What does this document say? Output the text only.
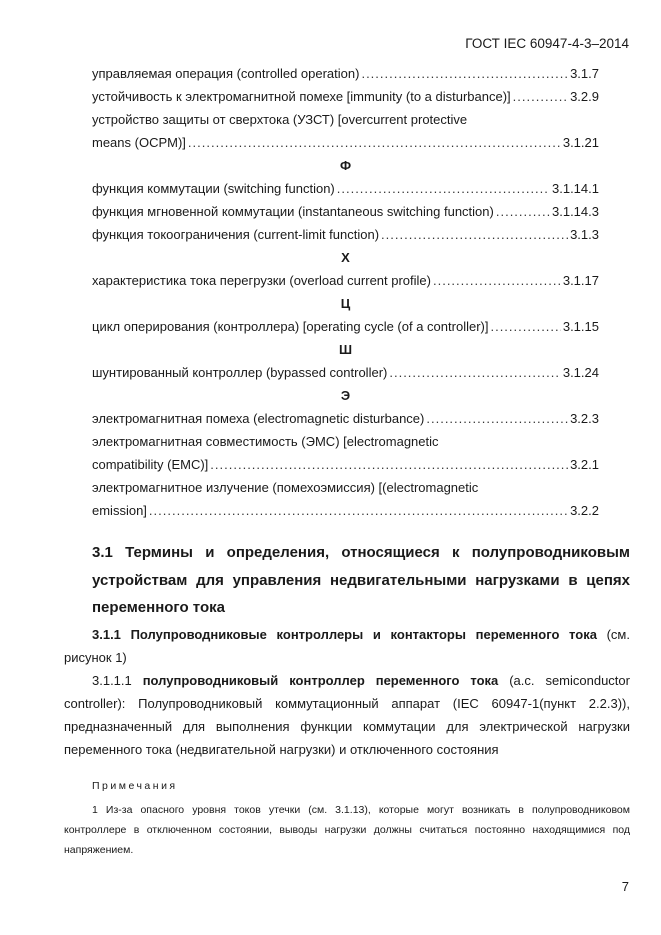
ГОСТ IEC 60947-4-3–2014
управляемая операция (controlled operation) .....	3.1.7
устойчивость к электромагнитной помехе [immunity (to a disturbance)] .....	3.2.9
устройство защиты от сверхтока (УЗСТ) [overcurrent protective
means (OCPM)] .....	3.1.21
Ф
функция коммутации (switching function) .....	3.1.14.1
функция мгновенной коммутации (instantaneous switching function) .....	3.1.14.3
функция токоограничения (current-limit function) .....	3.1.3
Х
характеристика тока перегрузки (overload current profile) .....	3.1.17
Ц
цикл оперирования (контроллера) [operating cycle (of a controller)] .....	3.1.15
Ш
шунтированный контроллер (bypassed controller) .....	3.1.24
Э
электромагнитная помеха (electromagnetic disturbance) .....	3.2.3
электромагнитная совместимость (ЭМС) [electromagnetic
compatibility (EMC)] .....	3.2.1
электромагнитное излучение (помехоэмиссия) [(electromagnetic
emission] .....	3.2.2
3.1 Термины и определения, относящиеся к полупроводниковым устройствам для управления недвигательными нагрузками в цепях переменного тока
3.1.1 Полупроводниковые контроллеры и контакторы переменного тока (см. рисунок 1)
3.1.1.1 полупроводниковый контроллер переменного тока (a.c. semiconductor controller): Полупроводниковый коммутационный аппарат (IEC 60947-1(пункт 2.2.3)), предназначенный для выполнения функции коммутации для электрической нагрузки переменного тока (недвигательной нагрузки) и отключенного состояния
Примечания
1 Из-за опасного уровня токов утечки (см. 3.1.13), которые могут возникать в полупроводниковом контроллере в отключенном состоянии, выводы нагрузки должны считаться постоянно находящимися под напряжением.
7
